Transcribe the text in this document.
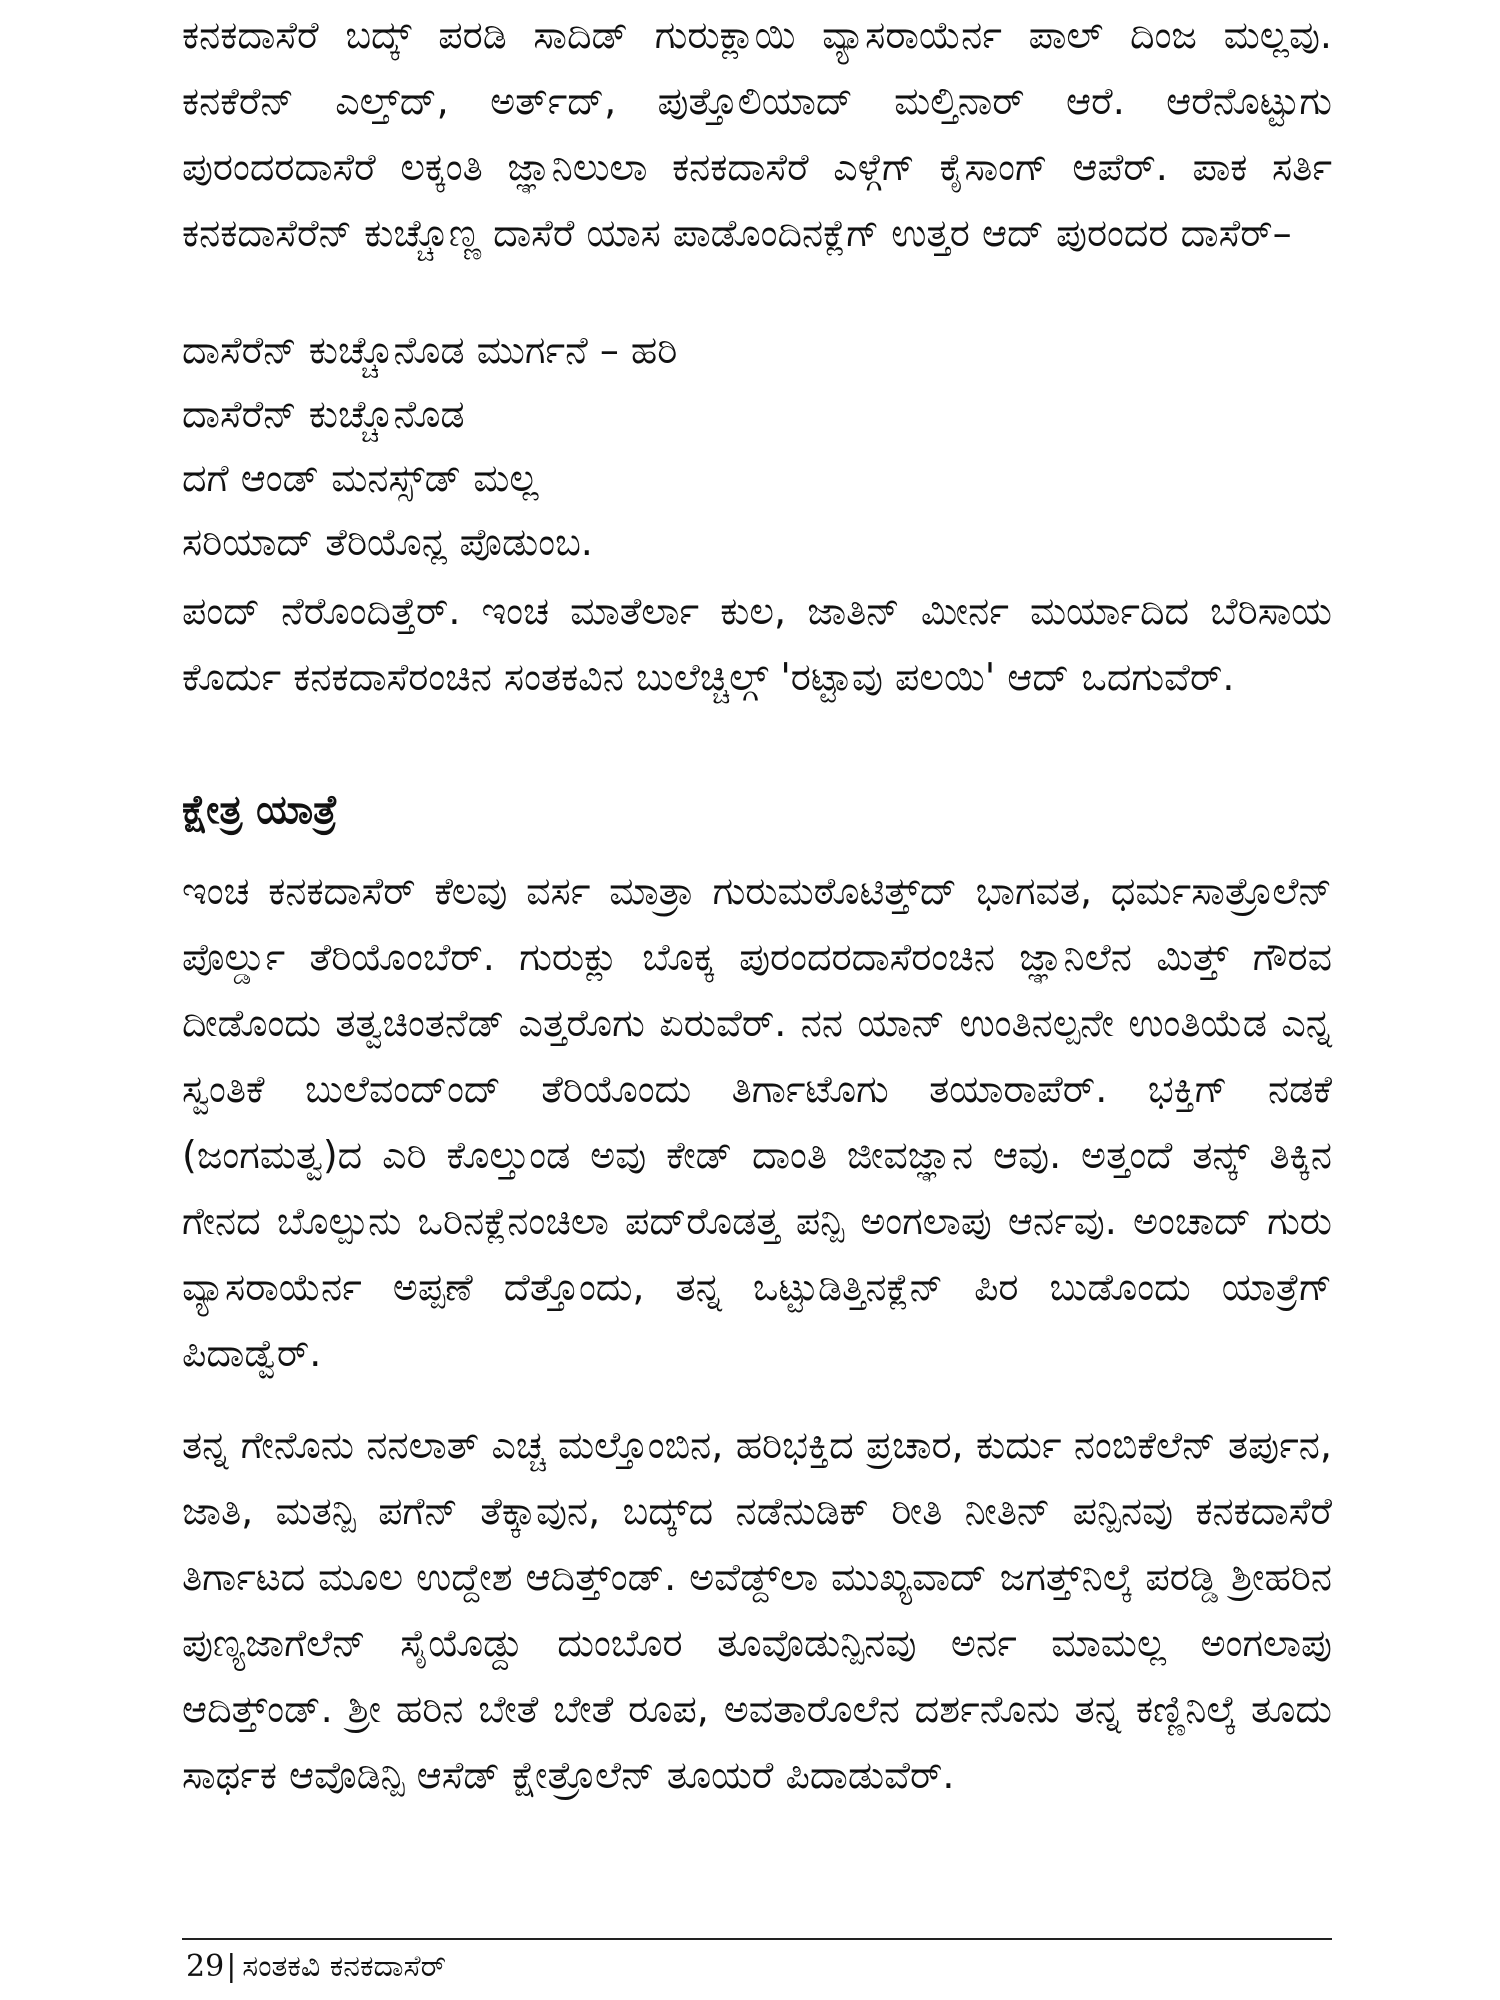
ಕನಕದಾಸೆರೆ ಬದ್ಕ್ ಪರಡಿ ಸಾದಿಡ್ ಗುರುಕ್ಲಾಯಿ ವ್ಯಾಸರಾಯೆರ್ನ ಪಾಲ್ ದಿಂಜ ಮಲ್ಲವು. ಕನಕೆರೆನ್ ಎಲ್ತ್‌ದ್, ಅರ್ತ್‌ದ್, ಪುತ್ತೊಲಿಯಾದ್ ಮಲ್ತಿನಾರ್ ಆರೆ. ಆರೆನೊಟ್ಟುಗು ಪುರಂದರದಾಸೆರೆ ಲಕ್ಕಂತಿ ಜ್ಞಾನಿಲುಲಾ ಕನಕದಾಸೆರೆ ಎಳ್ಗೆಗ್ ಕೈಸಾಂಗ್ ಆಪೆರ್. ಪಾಕ ಸರ್ತಿ ಕನಕದಾಸೆರೆನ್ ಕುಚ್ಚೊಣ್ಣ ದಾಸೆರೆ ಯಾಸ ಪಾಡೊಂದಿನಕ್ಲೆಗ್ ಉತ್ತರ ಆದ್ ಪುರಂದರ ದಾಸೆರ್–

ದಾಸೆರೆನ್ ಕುಚ್ಚೊನೊಡ ಮುರ್ಗನೆ – ಹರಿ
ದಾಸೆರೆನ್ ಕುಚ್ಚೊನೊಡ
ದಗೆ ಆಂಡ್ ಮನಸ್ಸ್‌ಡ್ ಮಲ್ಲ
ಸರಿಯಾದ್ ತೆರಿಯೊನ್ಲ ಪೊಡುಂಬ.

ಪಂದ್ ನೆರೊಂದಿತ್ತೆರ್. ಇಂಚ ಮಾತೆರ್ಲಾ ಕುಲ, ಜಾತಿನ್ ಮೀರ್ನ ಮರ್ಯಾದಿದ ಬೆರಿಸಾಯ ಕೊರ್ದು ಕನಕದಾಸೆರಂಚಿನ ಸಂತಕವಿನ ಬುಲೆಚ್ಚಿಲ್ಗ್ 'ರಟ್ಟಾವು ಪಲಯಿ' ಆದ್ ಒದಗುವೆರ್.

ಕ್ಷೇತ್ರ ಯಾತ್ರೆ

ಇಂಚ ಕನಕದಾಸೆರ್ ಕೆಲವು ವರ್ಸ ಮಾತ್ರಾ ಗುರುಮಠೊಟಿತ್ತ್‌ದ್ ಭಾಗವತ, ಧರ್ಮಸಾತ್ರೊಲೆನ್ ಪೊರ್ಲ್ಡು ತೆರಿಯೊಂಬೆರ್. ಗುರುಕ್ಲು ಬೊಕ್ಕ ಪುರಂದರದಾಸೆರಂಚಿನ ಜ್ಞಾನಿಲೆನ ಮಿತ್ತ್ ಗೌರವ ದೀಡೊಂದು ತತ್ವಚಿಂತನೆಡ್ ಎತ್ತರೊಗು ಏರುವೆರ್. ನನ ಯಾನ್ ಉಂತಿನಲ್ಪನೇ ಉಂತಿಯೆಡ ಎನ್ನ ಸ್ವಂತಿಕೆ ಬುಲೆವಂದ್‌ಂದ್ ತೆರಿಯೊಂದು ತಿರ್ಗಾಟೊಗು ತಯಾರಾಪೆರ್. ಭಕ್ತಿಗ್ ನಡಕೆ (ಜಂಗಮತ್ವ)ದ ಎರಿ ಕೊಲ್ತುಂಡ ಅವು ಕೇಡ್ ದಾಂತಿ ಜೀವಜ್ಞಾನ ಆವು. ಅತ್ತಂದೆ ತನ್ಕ್ ತಿಕ್ಕಿನ ಗೇನದ ಬೊಲ್ಪುನು ಒರಿನಕ್ಲೆನಂಚಿಲಾ ಪದ್‌ರೊಡತ್ತ ಪನ್ಪಿ ಅಂಗಲಾಪು ಆರ್ನವು. ಅಂಚಾದ್ ಗುರು ವ್ಯಾಸರಾಯೆರ್ನ ಅಪ್ಪಣೆ ದೆತ್ತೊಂದು, ತನ್ನ ಒಟ್ಟುಡಿತ್ತಿನಕ್ಲೆನ್ ಪಿರ ಬುಡೊಂದು ಯಾತ್ರೆಗ್ ಪಿದಾಡ್ವೆರ್.

ತನ್ನ ಗೇನೊನು ನನಲಾತ್ ಎಚ್ಚ ಮಲ್ತೊಂಬಿನ, ಹರಿಭಕ್ತಿದ ಪ್ರಚಾರ, ಕುರ್ದು ನಂಬಿಕೆಲೆನ್ ತರ್ಪುನ, ಜಾತಿ, ಮತನ್ಪಿ ಪಗೆನ್ ತೆಕ್ಕಾವುನ, ಬದ್ಕ್‌ದ ನಡೆನುಡಿಕ್ ರೀತಿ ನೀತಿನ್ ಪನ್ಪಿನವು ಕನಕದಾಸೆರೆ ತಿರ್ಗಾಟದ ಮೂಲ ಉದ್ದೇಶ ಆದಿತ್ತ್‌ಂಡ್. ಅವೆಡ್ದ್‌ಲಾ ಮುಖ್ಯವಾದ್ ಜಗತ್ತ್‌ನಿಲ್ಕೆ ಪರಡ್ಡಿ ಶ್ರೀಹರಿನ ಪುಣ್ಯಜಾಗೆಲೆನ್ ಸೈಯೊಡ್ದು ದುಂಬೊರ ತೂವೊಡುನ್ಪಿನವು ಅರ್ನ ಮಾಮಲ್ಲ ಅಂಗಲಾಪು ಆದಿತ್ತ್‌ಂಡ್. ಶ್ರೀ ಹರಿನ ಬೇತೆ ಬೇತೆ ರೂಪ, ಅವತಾರೊಲೆನ ದರ್ಶನೊನು ತನ್ನ ಕಣ್ಣಿನಿಲ್ಕೆ ತೂದು ಸಾರ್ಥಕ ಆವೊಡಿನ್ಪಿ ಆಸೆಡ್ ಕ್ಷೇತ್ರೊಲೆನ್ ತೂಯರೆ ಪಿದಾಡುವೆರ್.

29| ಸಂತಕವಿ ಕನಕದಾಸೆರ್
